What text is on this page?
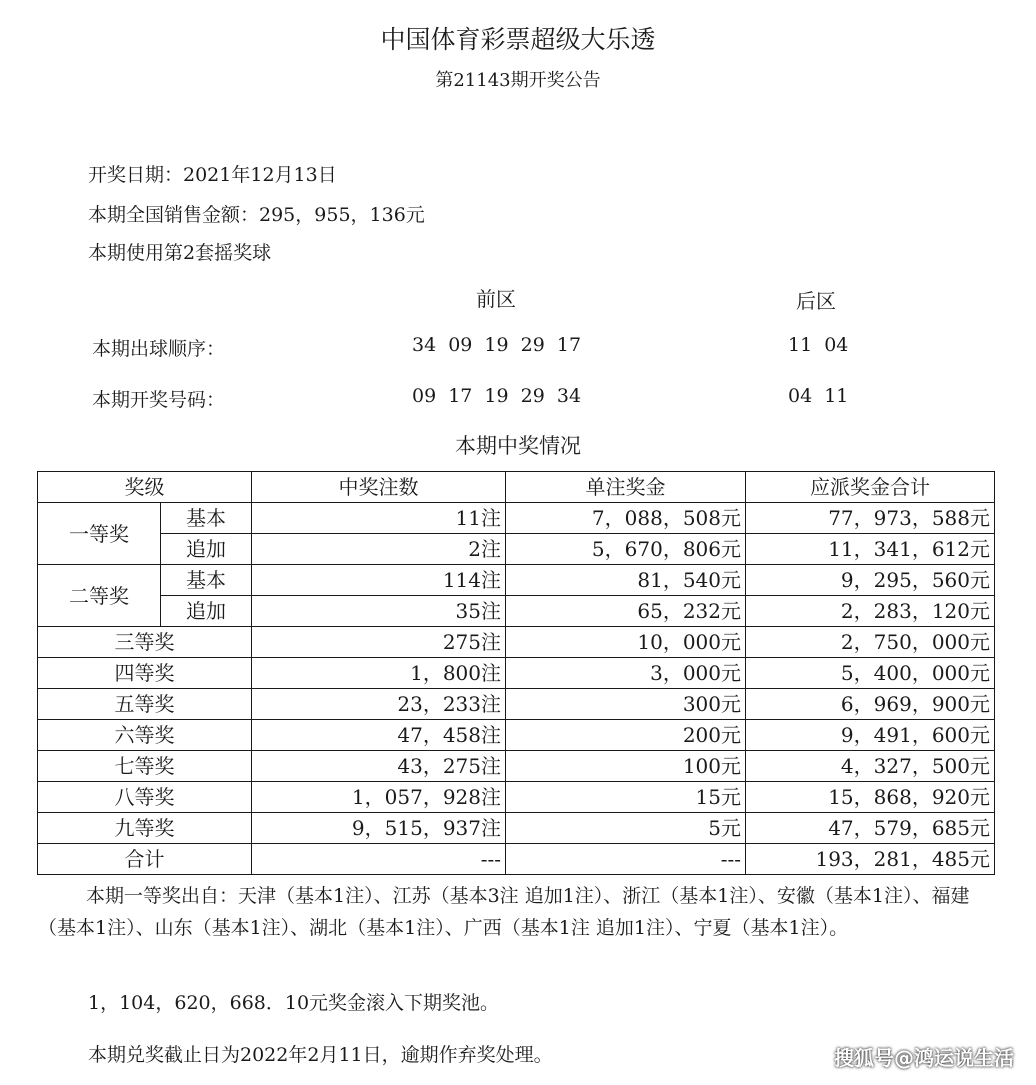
中国体育彩票超级大乐透
第21143期开奖公告
开奖日期：2021年12月13日
本期全国销售金额：295，955，136元
本期使用第2套摇奖球
前区	后区
本期出球顺序：	34 09 19 29 17	11 04
本期开奖号码：	09 17 19 29 34	04 11
本期中奖情况
奖级		中奖注数	单注奖金	应派奖金合计
一等奖	基本	11注	7，088，508元	77，973，588元
	追加	2注	5，670，806元	11，341，612元
二等奖	基本	114注	81，540元	9，295，560元
	追加	35注	65，232元	2，283，120元
三等奖		275注	10，000元	2，750，000元
四等奖		1，800注	3，000元	5，400，000元
五等奖		23，233注	300元	6，969，900元
六等奖		47，458注	200元	9，491，600元
七等奖		43，275注	100元	4，327，500元
八等奖		1，057，928注	15元	15，868，920元
九等奖		9，515，937注	5元	47，579，685元
合计		---	---	193，281，485元
本期一等奖出自：天津（基本1注）、江苏（基本3注 追加1注）、浙江（基本1注）、安徽（基本1注）、福建（基本1注）、山东（基本1注）、湖北（基本1注）、广西（基本1注 追加1注）、宁夏（基本1注）。
1，104，620，668．10元奖金滚入下期奖池。
本期兑奖截止日为2022年2月11日，逾期作弃奖处理。	搜狐号@鸿运说生活
